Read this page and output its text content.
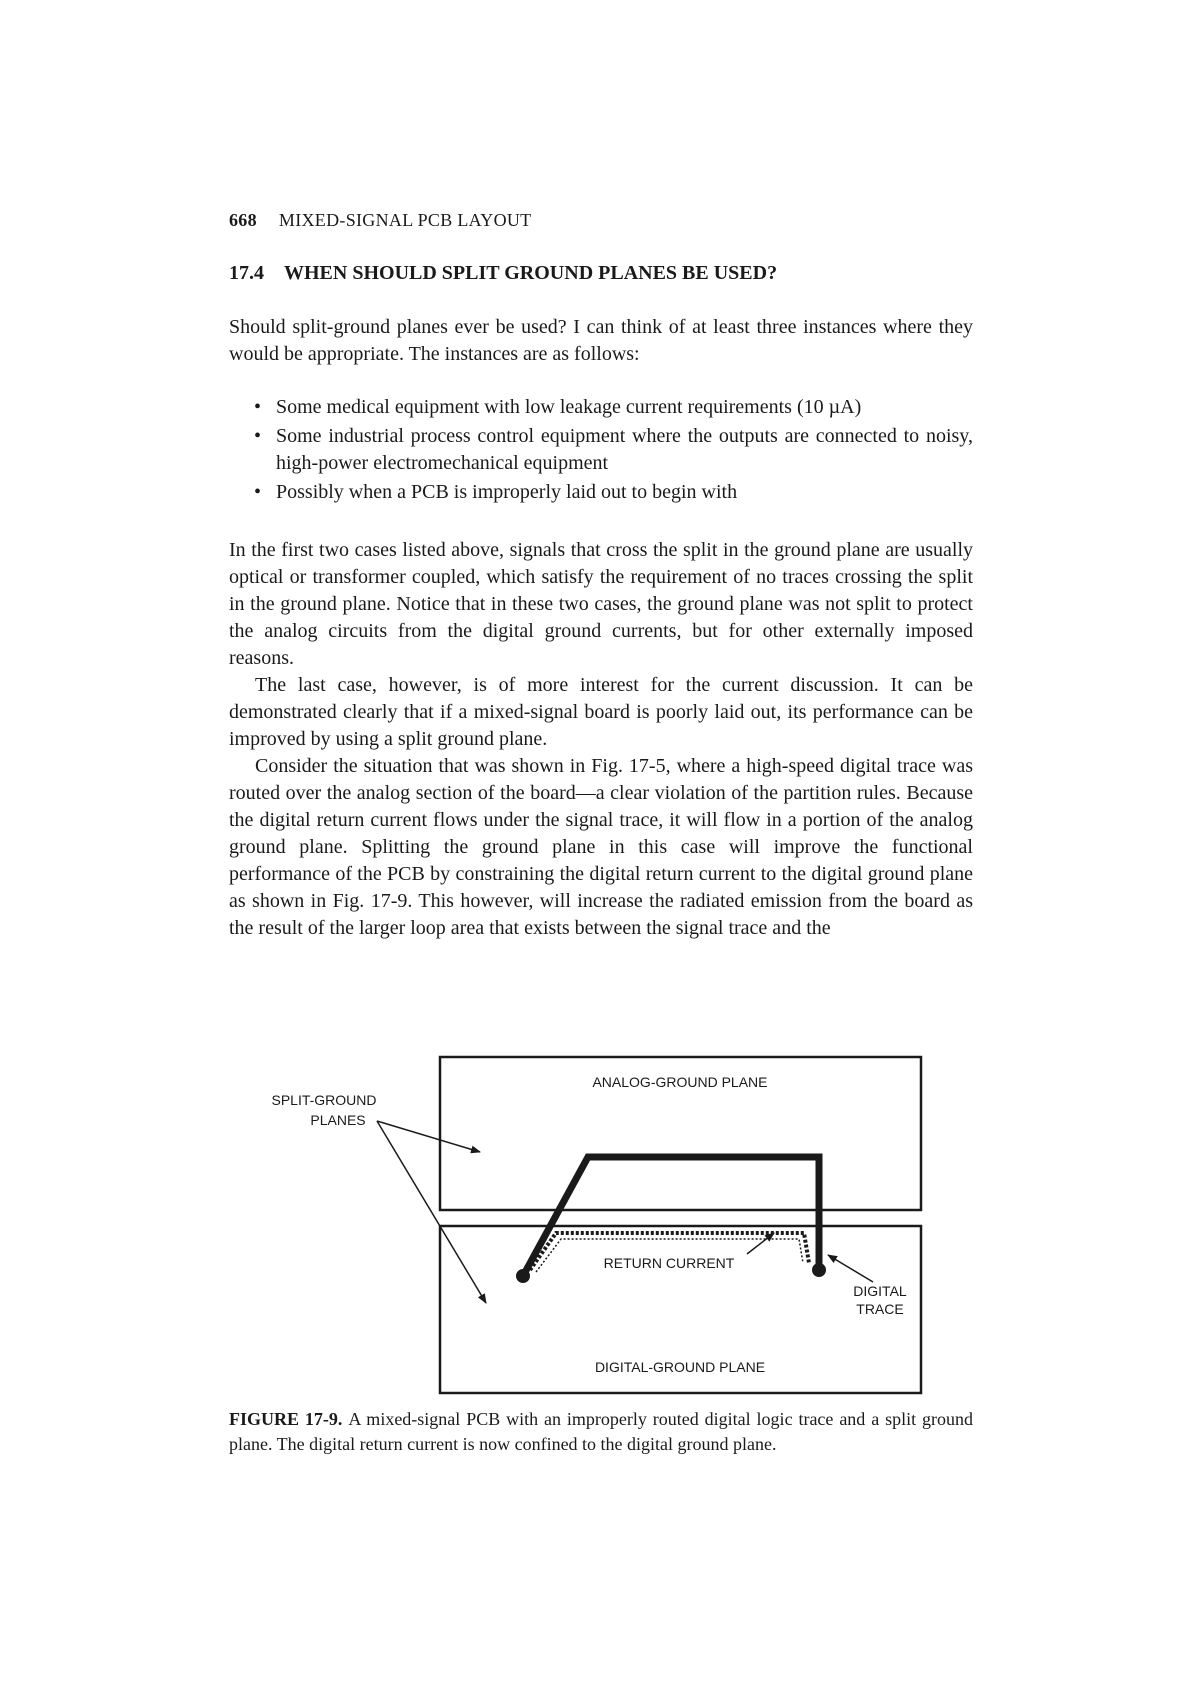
668 MIXED-SIGNAL PCB LAYOUT
17.4 WHEN SHOULD SPLIT GROUND PLANES BE USED?

Should split-ground planes ever be used? I can think of at least three instances where they would be appropriate. The instances are as follows:

• Some medical equipment with low leakage current requirements (10 µA)
• Some industrial process control equipment where the outputs are connected to noisy, high-power electromechanical equipment
• Possibly when a PCB is improperly laid out to begin with

In the first two cases listed above, signals that cross the split in the ground plane are usually optical or transformer coupled, which satisfy the requirement of no traces crossing the split in the ground plane. Notice that in these two cases, the ground plane was not split to protect the analog circuits from the digital ground currents, but for other externally imposed reasons.

The last case, however, is of more interest for the current discussion. It can be demonstrated clearly that if a mixed-signal board is poorly laid out, its performance can be improved by using a split ground plane.

Consider the situation that was shown in Fig. 17-5, where a high-speed digital trace was routed over the analog section of the board—a clear violation of the partition rules. Because the digital return current flows under the signal trace, it will flow in a portion of the analog ground plane. Splitting the ground plane in this case will improve the functional performance of the PCB by constraining the digital return current to the digital ground plane as shown in Fig. 17-9. This however, will increase the radiated emission from the board as the result of the larger loop area that exists between the signal trace and the

ANALOG-GROUND PLANE
DIGITAL-GROUND PLANE
SPLIT-GROUND
PLANES
RETURN CURRENT
DIGITAL
TRACE
FIGURE 17-9. A mixed-signal PCB with an improperly routed digital logic trace and a split ground plane. The digital return current is now confined to the digital ground plane.
